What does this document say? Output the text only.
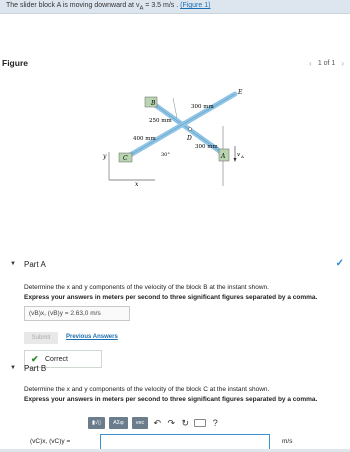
The slider block A is moving downward at $v_A = 3.5$ m/s . (Figure 1)
Figure	‹ 1 of 1 ›
y
x
B
E
D
C	A v A
250 mm
300 mm
400 mm
300 mm
30°
▼ Part A	✓
Determine the x and y components of the velocity of the block B at the instant shown.
Express your answers in meters per second to three significant figures separated by a comma.
(vB)x, (vB)y = 2.63,0 m/s
Submit	Previous Answers
✔ Correct
▼ Part B
Determine the x and y components of the velocity of the block C at the instant shown.
Express your answers in meters per second to three significant figures separated by a comma.
▮√▯	ΑΣφ	vec	↶ ↷ ↻	?
(vC)x, (vC)y =	m/s
